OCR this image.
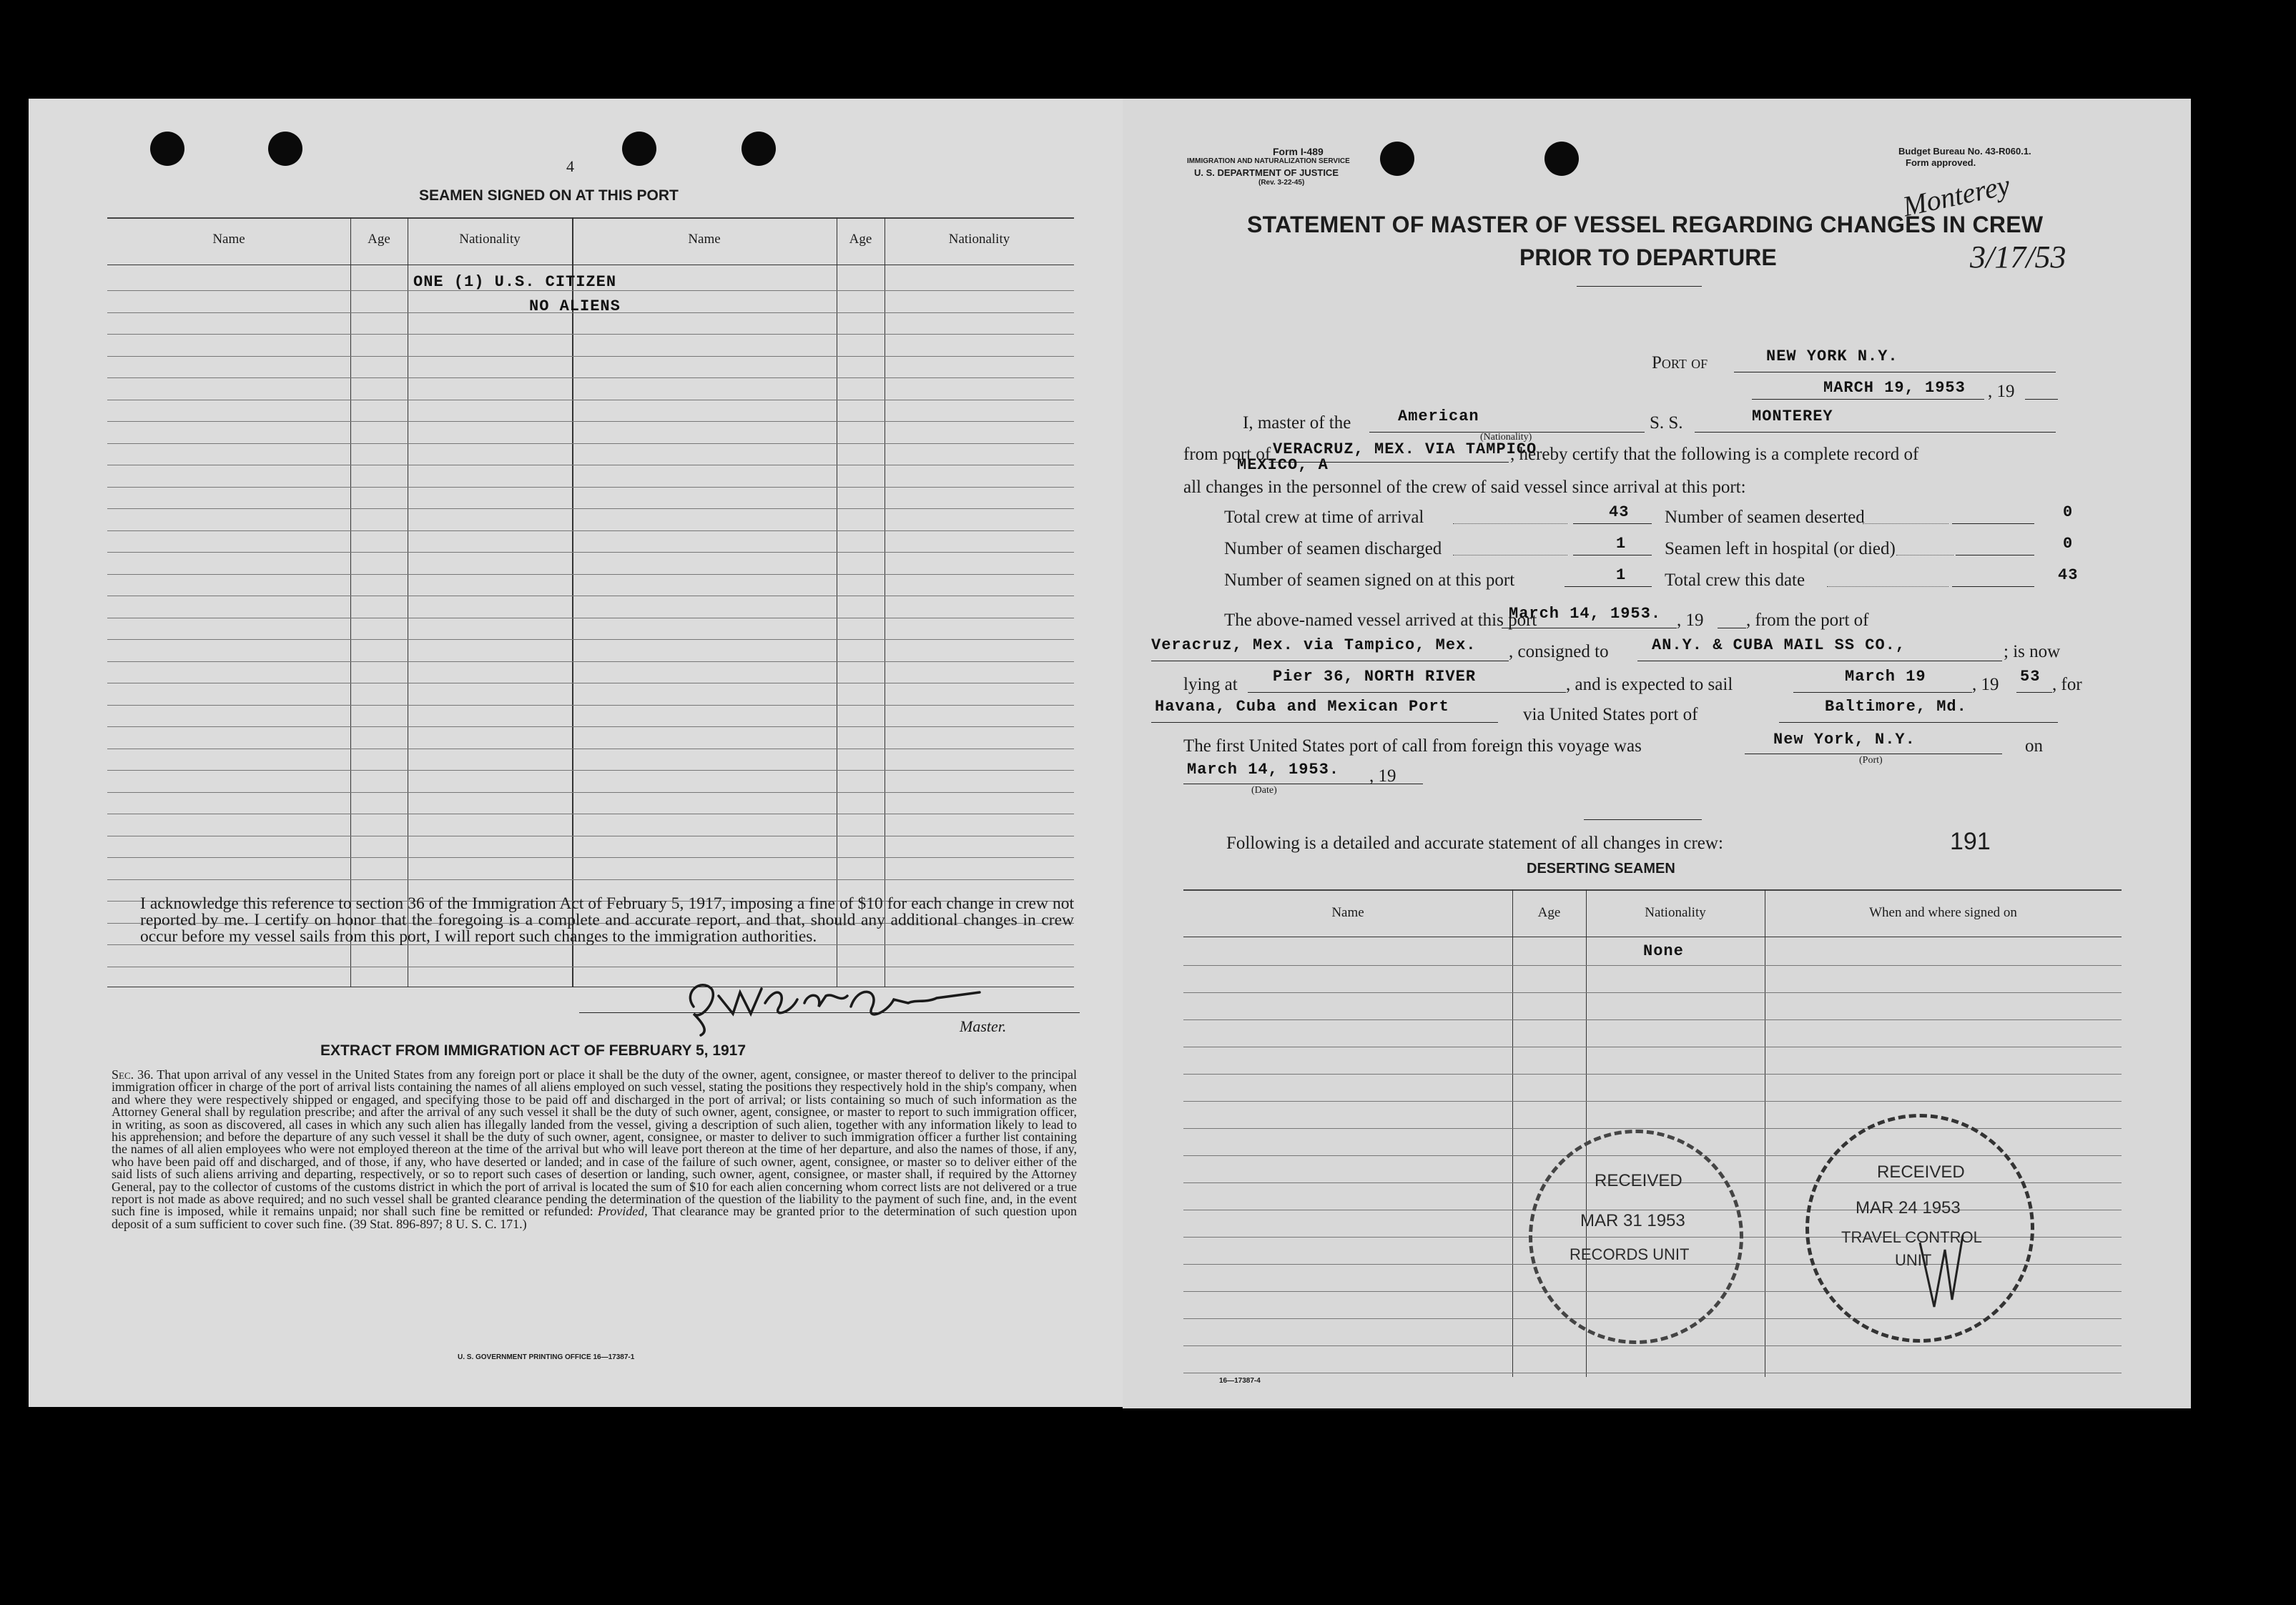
4
SEAMEN SIGNED ON AT THIS PORT
Name	Age	Nationality	Name	Age	Nationality
ONE (1) U.S. CITIZEN
NO ALIENS
I acknowledge this reference to section 36 of the Immigration Act of February 5, 1917, imposing a fine of $10 for each change in crew not reported by me. I certify on honor that the foregoing is a complete and accurate report, and that, should any additional changes in crew occur before my vessel sails from this port, I will report such changes to the immigration authorities.
Master.
EXTRACT FROM IMMIGRATION ACT OF FEBRUARY 5, 1917
Sec. 36. That upon arrival of any vessel in the United States from any foreign port or place it shall be the duty of the owner, agent, consignee, or master thereof to deliver to the principal immigration officer in charge of the port of arrival lists containing the names of all aliens employed on such vessel, stating the positions they respectively hold in the ship's company, when and where they were respectively shipped or engaged, and specifying those to be paid off and discharged in the port of arrival; or lists containing so much of such information as the Attorney General shall by regulation prescribe; and after the arrival of any such vessel it shall be the duty of such owner, agent, consignee, or master to report to such immigration officer, in writing, as soon as discovered, all cases in which any such alien has illegally landed from the vessel, giving a description of such alien, together with any information likely to lead to his apprehension; and before the departure of any such vessel it shall be the duty of such owner, agent, consignee, or master to deliver to such immigration officer a further list containing the names of all alien employees who were not employed thereon at the time of the arrival but who will leave port thereon at the time of her departure, and also the names of those, if any, who have been paid off and discharged, and of those, if any, who have deserted or landed; and in case of the failure of such owner, agent, consignee, or master so to deliver either of the said lists of such aliens arriving and departing, respectively, or so to report such cases of desertion or landing, such owner, agent, consignee, or master shall, if required by the Attorney General, pay to the collector of customs of the customs district in which the port of arrival is located the sum of $10 for each alien concerning whom correct lists are not delivered or a true report is not made as above required; and no such vessel shall be granted clearance pending the determination of the question of the liability to the payment of such fine, and, in the event such fine is imposed, while it remains unpaid; nor shall such fine be remitted or refunded: Provided, That clearance may be granted prior to the determination of such question upon deposit of a sum sufficient to cover such fine. (39 Stat. 896-897; 8 U. S. C. 171.)
U. S. GOVERNMENT PRINTING OFFICE 16—17387-1
Form I-489
IMMIGRATION AND NATURALIZATION SERVICE
U. S. DEPARTMENT OF JUSTICE
(Rev. 3-22-45)
Budget Bureau No. 43-R060.1.
Form approved.
STATEMENT OF MASTER OF VESSEL REGARDING CHANGES IN CREW
PRIOR TO DEPARTURE
Monterey
3/17/53
Port of	NEW YORK N.Y.
MARCH 19, 1953 , 19
I, master of the	American
(Nationality)
S. S.	MONTEREY
from port of VERACRUZ, MEX. VIA TAMPICO
MEXICO, A
, hereby certify that the following is a complete record of
all changes in the personnel of the crew of said vessel since arrival at this port:
Total crew at time of arrival	43 Number of seamen deserted	0
Number of seamen discharged	1 Seamen left in hospital (or died)	0
Number of seamen signed on at this port	1 Total crew this date	43
The above-named vessel arrived at this port
March 14, 1953. , 19 , from the port of
Veracruz, Mex. via Tampico, Mex. , consigned to	AN.Y. & CUBA MAIL SS CO.,	; is now
lying at Pier 36, NORTH RIVER	, and is expected to sail	March 19	, 19 53 , for
Havana, Cuba and Mexican Port	via United States port of	Baltimore, Md.
The first United States port of call from foreign this voyage was	New York, N.Y.
(Port)
on
March 14, 1953.
(Date)
, 19
Following is a detailed and accurate statement of all changes in crew:	191
DESERTING SEAMEN
Name	Age	Nationality	When and where signed on
None
RECEIVED
MAR 31 1953
RECORDS UNIT
RECEIVED
MAR 24 1953
TRAVEL CONTROL
UNIT
16—17387-4
